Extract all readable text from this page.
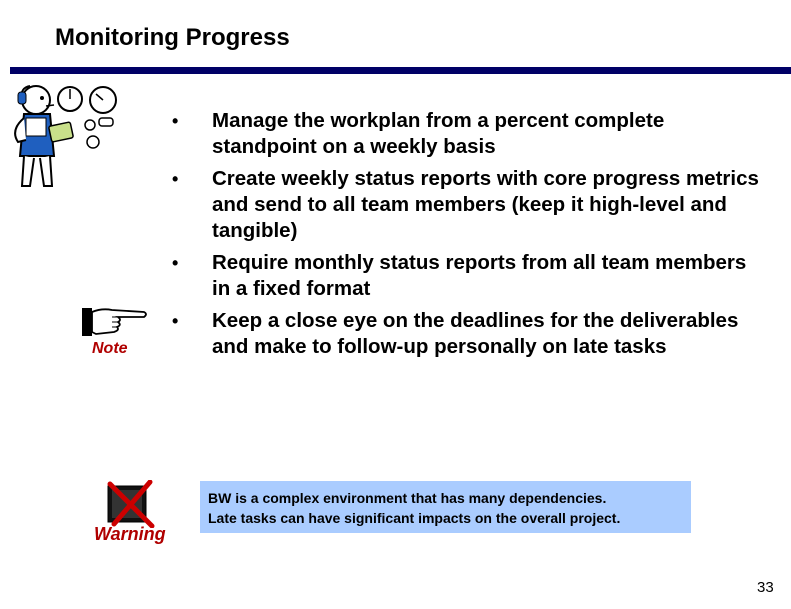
Monitoring Progress
Note
Warning
•	Manage the workplan from a percent complete standpoint on a weekly basis
•	Create weekly status reports with core progress metrics and send to all team members (keep it high-level and tangible)
•	Require monthly status reports from all team members in a fixed format
•	Keep a close eye on the deadlines for the deliverables and make to follow-up personally on late tasks
BW is a complex environment that has many dependencies.
Late tasks can have significant impacts on the overall project.
33
